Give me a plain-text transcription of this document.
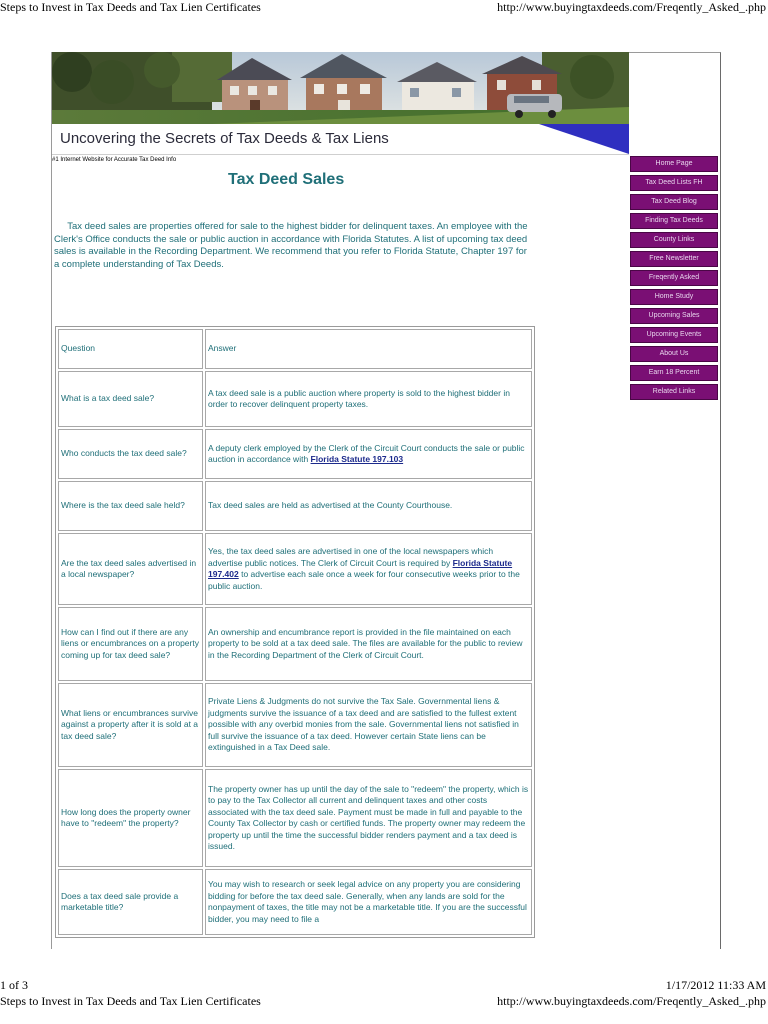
Steps to Invest in Tax Deeds and Tax Lien Certificates	http://www.buyingtaxdeeds.com/Freqently_Asked_.php
Uncovering the Secrets of Tax Deeds & Tax Liens
#1 Internet Website for Accurate Tax Deed Info
Tax Deed Sales

Tax deed sales are properties offered for sale to the highest bidder for delinquent taxes. An employee with the Clerk's Office conducts the sale or public auction in accordance with Florida Statutes. A list of upcoming tax deed sales is available in the Recording Department. We recommend that you refer to Florida Statute, Chapter 197 for a complete understanding of Tax Deeds.

Home Page
Tax Deed Lists FH
Tax Deed Blog
Finding Tax Deeds
County Links
Free Newsletter
Freqently Asked
Home Study
Upcoming Sales
Upcoming Events
About Us
Earn 18 Percent
Related Links
Question	Answer
What is a tax deed sale?	A tax deed sale is a public auction where property is sold to the highest bidder in order to recover delinquent property taxes.
Who conducts the tax deed sale?	A deputy clerk employed by the Clerk of the Circuit Court conducts the sale or public auction in accordance with Florida Statute 197.103
Where is the tax deed sale held?	Tax deed sales are held as advertised at the County Courthouse.
Are the tax deed sales advertised in a local newspaper?	Yes, the tax deed sales are advertised in one of the local newspapers which advertise public notices. The Clerk of Circuit Court is required by Florida Statute 197.402 to advertise each sale once a week for four consecutive weeks prior to the public auction.
How can I find out if there are any liens or encumbrances on a property coming up for tax deed sale?	An ownership and encumbrance report is provided in the file maintained on each property to be sold at a tax deed sale. The files are available for the public to review in the Recording Department of the Clerk of Circuit Court.
What liens or encumbrances survive against a property after it is sold at a tax deed sale?	Private Liens & Judgments do not survive the Tax Sale. Governmental liens & judgments survive the issuance of a tax deed and are satisfied to the fullest extent possible with any overbid monies from the sale. Governmental liens not satisfied in full survive the issuance of a tax deed. However certain State liens can be extinguished in a Tax Deed sale.
How long does the property owner have to "redeem" the property?	The property owner has up until the day of the sale to "redeem" the property, which is to pay to the Tax Collector all current and delinquent taxes and other costs associated with the tax deed sale. Payment must be made in full and payable to the County Tax Collector by cash or certified funds. The property owner may redeem the property up until the time the successful bidder renders payment and a tax deed is issued.
Does a tax deed sale provide a marketable title?	You may wish to research or seek legal advice on any property you are considering bidding for before the tax deed sale. Generally, when any lands are sold for the nonpayment of taxes, the title may not be a marketable title. If you are the successful bidder, you may need to file a
1 of 3	1/17/2012 11:33 AM
Steps to Invest in Tax Deeds and Tax Lien Certificates	http://www.buyingtaxdeeds.com/Freqently_Asked_.php
